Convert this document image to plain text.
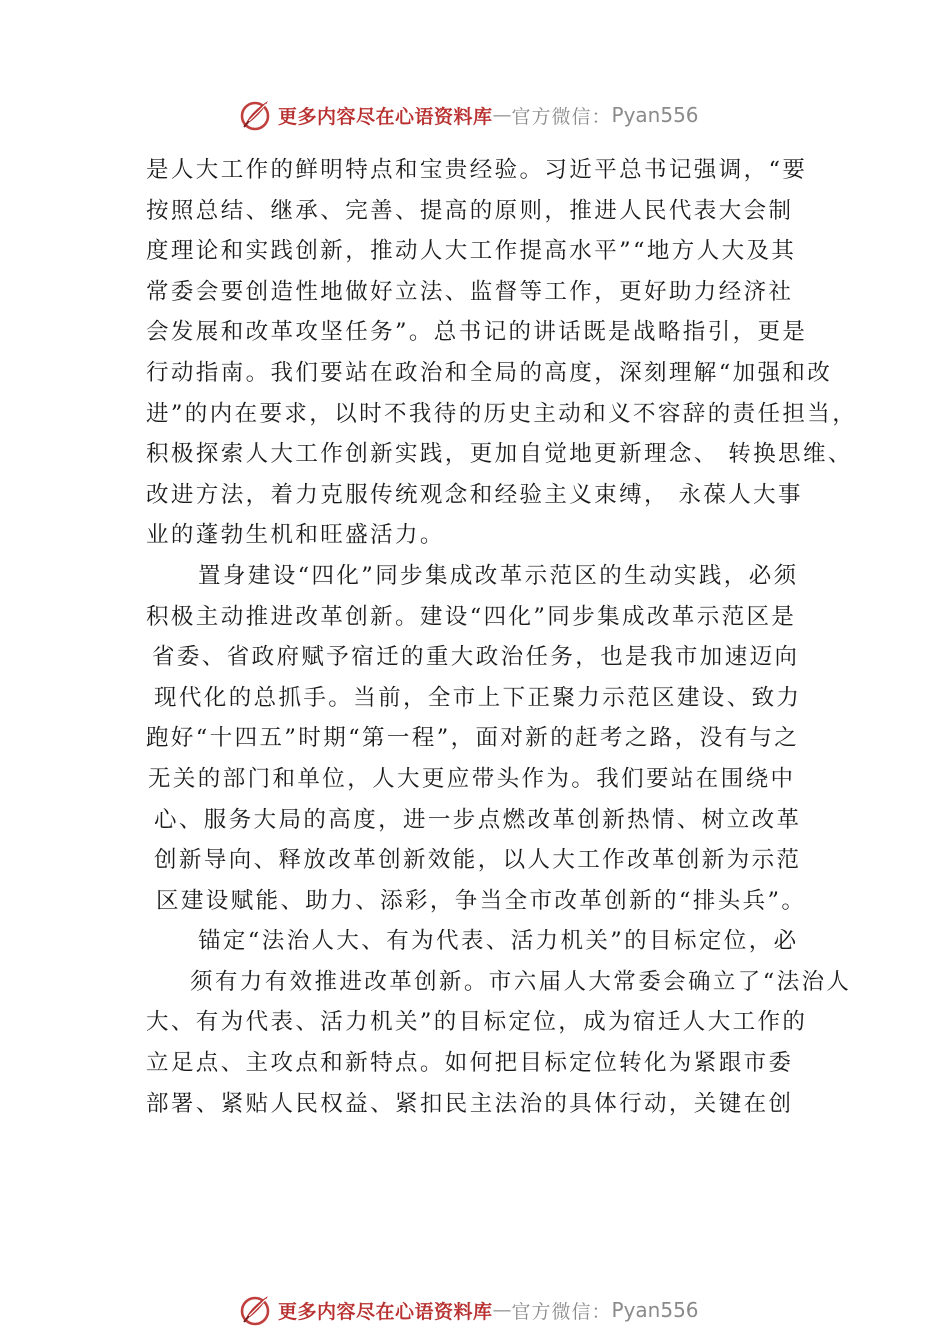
更多内容尽在心语资料库 — 官方微信： Pyan556
是人大工作的鲜明特点和宝贵经验。习近平总书记强调，“要
按照总结、继承、完善、提高的原则，推进人民代表大会制
度理论和实践创新，推动人大工作提高水平”“地方人大及其
常委会要创造性地做好立法、监督等工作，更好助力经济社
会发展和改革攻坚任务”。总书记的讲话既是战略指引，更是
行动指南。我们要站在政治和全局的高度，深刻理解“加强和改
进”的内在要求，以时不我待的历史主动和义不容辞的责任担当，
积极探索人大工作创新实践，更加自觉地更新理念、 转换思维、
改进方法，着力克服传统观念和经验主义束缚， 永葆人大事
业的蓬勃生机和旺盛活力。
置身建设“四化”同步集成改革示范区的生动实践，必须
积极主动推进改革创新。建设“四化”同步集成改革示范区是
省委、省政府赋予宿迁的重大政治任务，也是我市加速迈向
现代化的总抓手。当前，全市上下正聚力示范区建设、致力
跑好“十四五”时期“第一程”，面对新的赶考之路，没有与之
无关的部门和单位，人大更应带头作为。我们要站在围绕中
心、服务大局的高度，进一步点燃改革创新热情、树立改革
创新导向、释放改革创新效能，以人大工作改革创新为示范
区建设赋能、助力、添彩，争当全市改革创新的“排头兵”。
锚定“法治人大、有为代表、活力机关”的目标定位，必
须有力有效推进改革创新。市六届人大常委会确立了“法治人
大、有为代表、活力机关”的目标定位，成为宿迁人大工作的
立足点、主攻点和新特点。如何把目标定位转化为紧跟市委
部署、紧贴人民权益、紧扣民主法治的具体行动，关键在创
更多内容尽在心语资料库 — 官方微信： Pyan556
